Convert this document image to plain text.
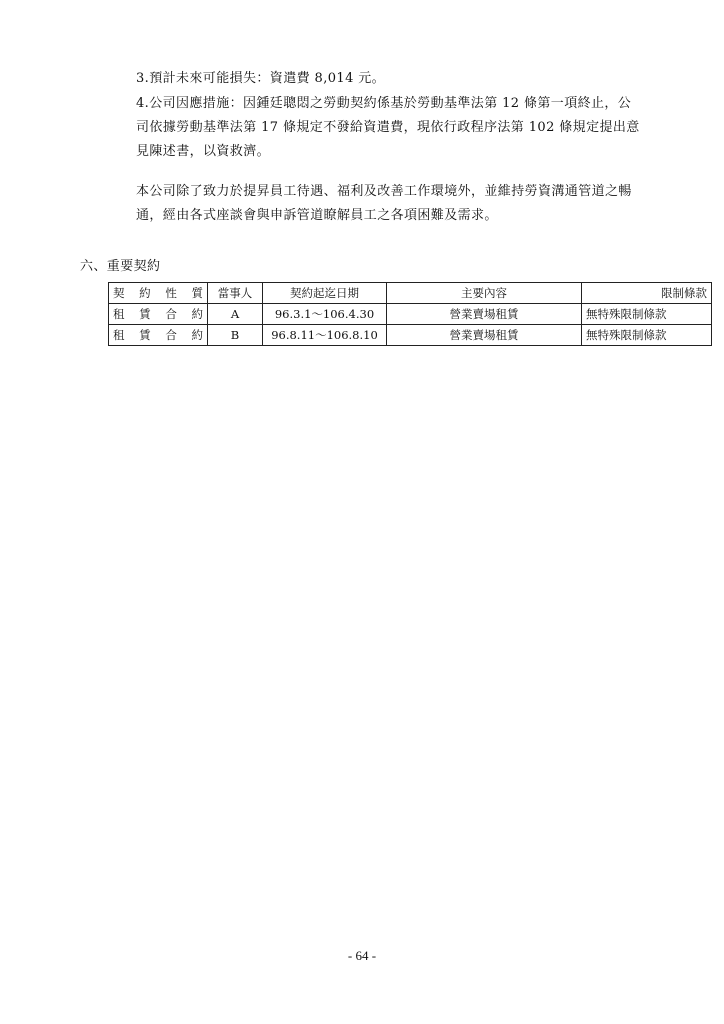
3.預計未來可能損失：資遣費 8,014 元。
4.公司因應措施：因鍾廷聰悶之勞動契約係基於勞動基準法第 12 條第一項終止，公
司依據勞動基準法第 17 條規定不發給資遣費，現依行政程序法第 102 條規定提出意
見陳述書，以資救濟。
本公司除了致力於提昇員工待遇、福利及改善工作環境外，並維持勞資溝通管道之暢
通，經由各式座談會與申訴管道瞭解員工之各項困難及需求。
六、重要契約
契約性質	當事人	契約起迄日期	主要內容	限制條款
租賃合約	A	96.3.1～106.4.30	營業賣場租賃	無特殊限制條款
租賃合約	B	96.8.11～106.8.10	營業賣場租賃	無特殊限制條款
- 64 -
